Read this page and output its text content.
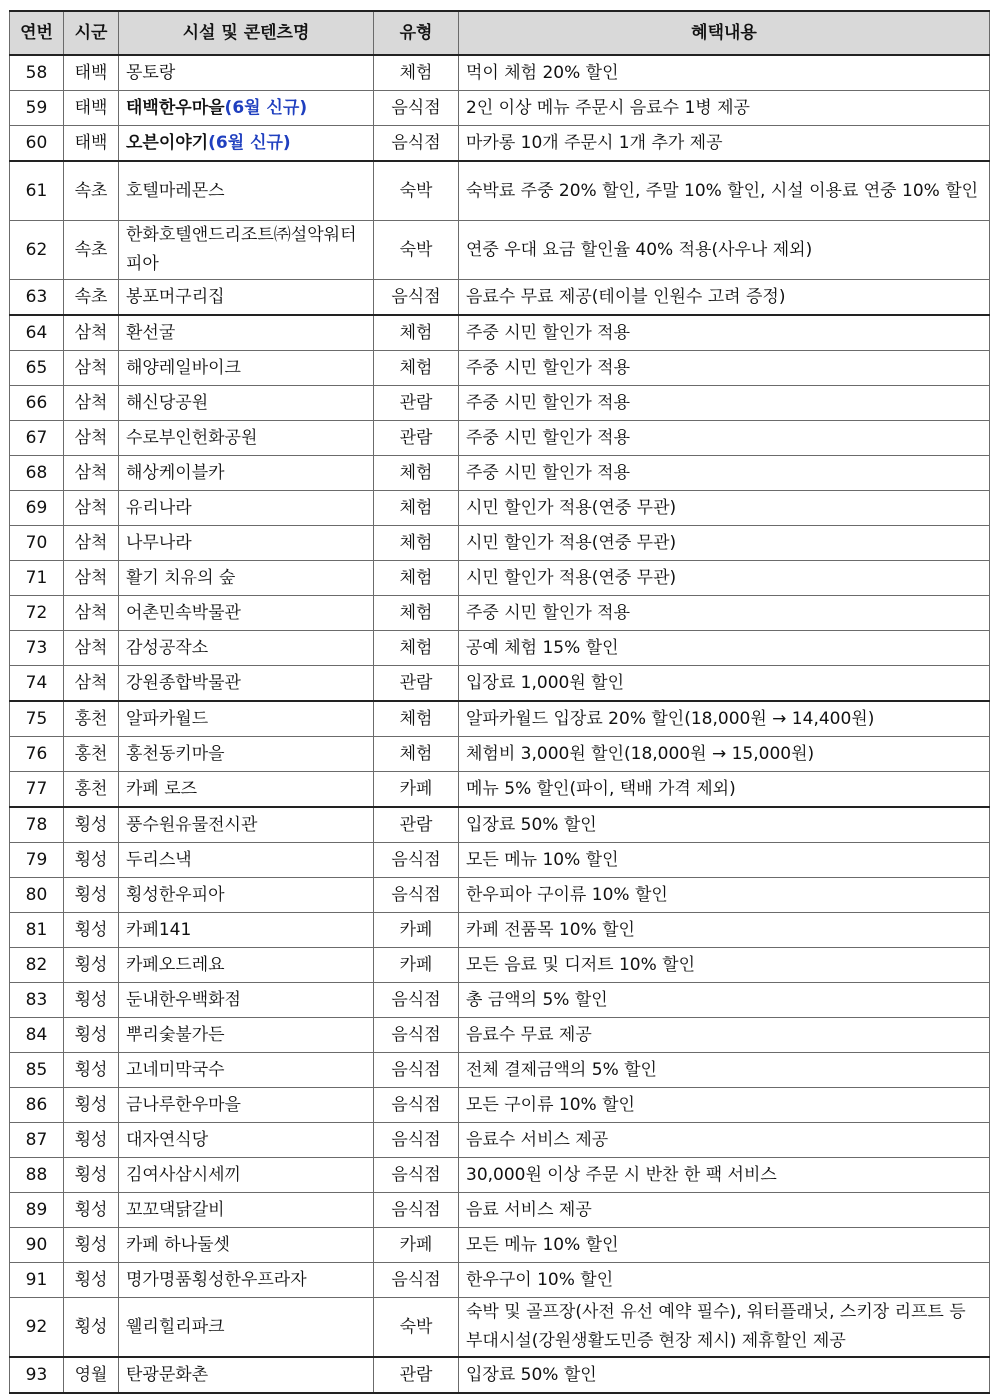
연번	시군	시설 및 콘텐츠명	유형	혜택내용
58	태백	몽토랑	체험	먹이 체험 20% 할인
59	태백	태백한우마을(6월 신규)	음식점	2인 이상 메뉴 주문시 음료수 1병 제공
60	태백	오븐이야기(6월 신규)	음식점	마카롱 10개 주문시 1개 추가 제공
61	속초	호텔마레몬스	숙박	숙박료 주중 20% 할인, 주말 10% 할인, 시설 이용료 연중 10% 할인
62	속초	한화호텔앤드리조트㈜설악워터피아	숙박	연중 우대 요금 할인율 40% 적용(사우나 제외)
63	속초	봉포머구리집	음식점	음료수 무료 제공(테이블 인원수 고려 증정)
64	삼척	환선굴	체험	주중 시민 할인가 적용
65	삼척	해양레일바이크	체험	주중 시민 할인가 적용
66	삼척	해신당공원	관람	주중 시민 할인가 적용
67	삼척	수로부인헌화공원	관람	주중 시민 할인가 적용
68	삼척	해상케이블카	체험	주중 시민 할인가 적용
69	삼척	유리나라	체험	시민 할인가 적용(연중 무관)
70	삼척	나무나라	체험	시민 할인가 적용(연중 무관)
71	삼척	활기 치유의 숲	체험	시민 할인가 적용(연중 무관)
72	삼척	어촌민속박물관	체험	주중 시민 할인가 적용
73	삼척	감성공작소	체험	공예 체험 15% 할인
74	삼척	강원종합박물관	관람	입장료 1,000원 할인
75	홍천	알파카월드	체험	알파카월드 입장료 20% 할인(18,000원 → 14,400원)
76	홍천	홍천동키마을	체험	체험비 3,000원 할인(18,000원 → 15,000원)
77	홍천	카페 로즈	카페	메뉴 5% 할인(파이, 택배 가격 제외)
78	횡성	풍수원유물전시관	관람	입장료 50% 할인
79	횡성	두리스낵	음식점	모든 메뉴 10% 할인
80	횡성	횡성한우피아	음식점	한우피아 구이류 10% 할인
81	횡성	카페141	카페	카페 전품목 10% 할인
82	횡성	카페오드레요	카페	모든 음료 및 디저트 10% 할인
83	횡성	둔내한우백화점	음식점	총 금액의 5% 할인
84	횡성	뿌리숯불가든	음식점	음료수 무료 제공
85	횡성	고네미막국수	음식점	전체 결제금액의 5% 할인
86	횡성	금나루한우마을	음식점	모든 구이류 10% 할인
87	횡성	대자연식당	음식점	음료수 서비스 제공
88	횡성	김여사삼시세끼	음식점	30,000원 이상 주문 시 반찬 한 팩 서비스
89	횡성	꼬꼬댁닭갈비	음식점	음료 서비스 제공
90	횡성	카페 하나둘셋	카페	모든 메뉴 10% 할인
91	횡성	명가명품횡성한우프라자	음식점	한우구이 10% 할인
92	횡성	웰리힐리파크	숙박	숙박 및 골프장(사전 유선 예약 필수), 워터플래닛, 스키장 리프트 등 부대시설(강원생활도민증 현장 제시) 제휴할인 제공
93	영월	탄광문화촌	관람	입장료 50% 할인
